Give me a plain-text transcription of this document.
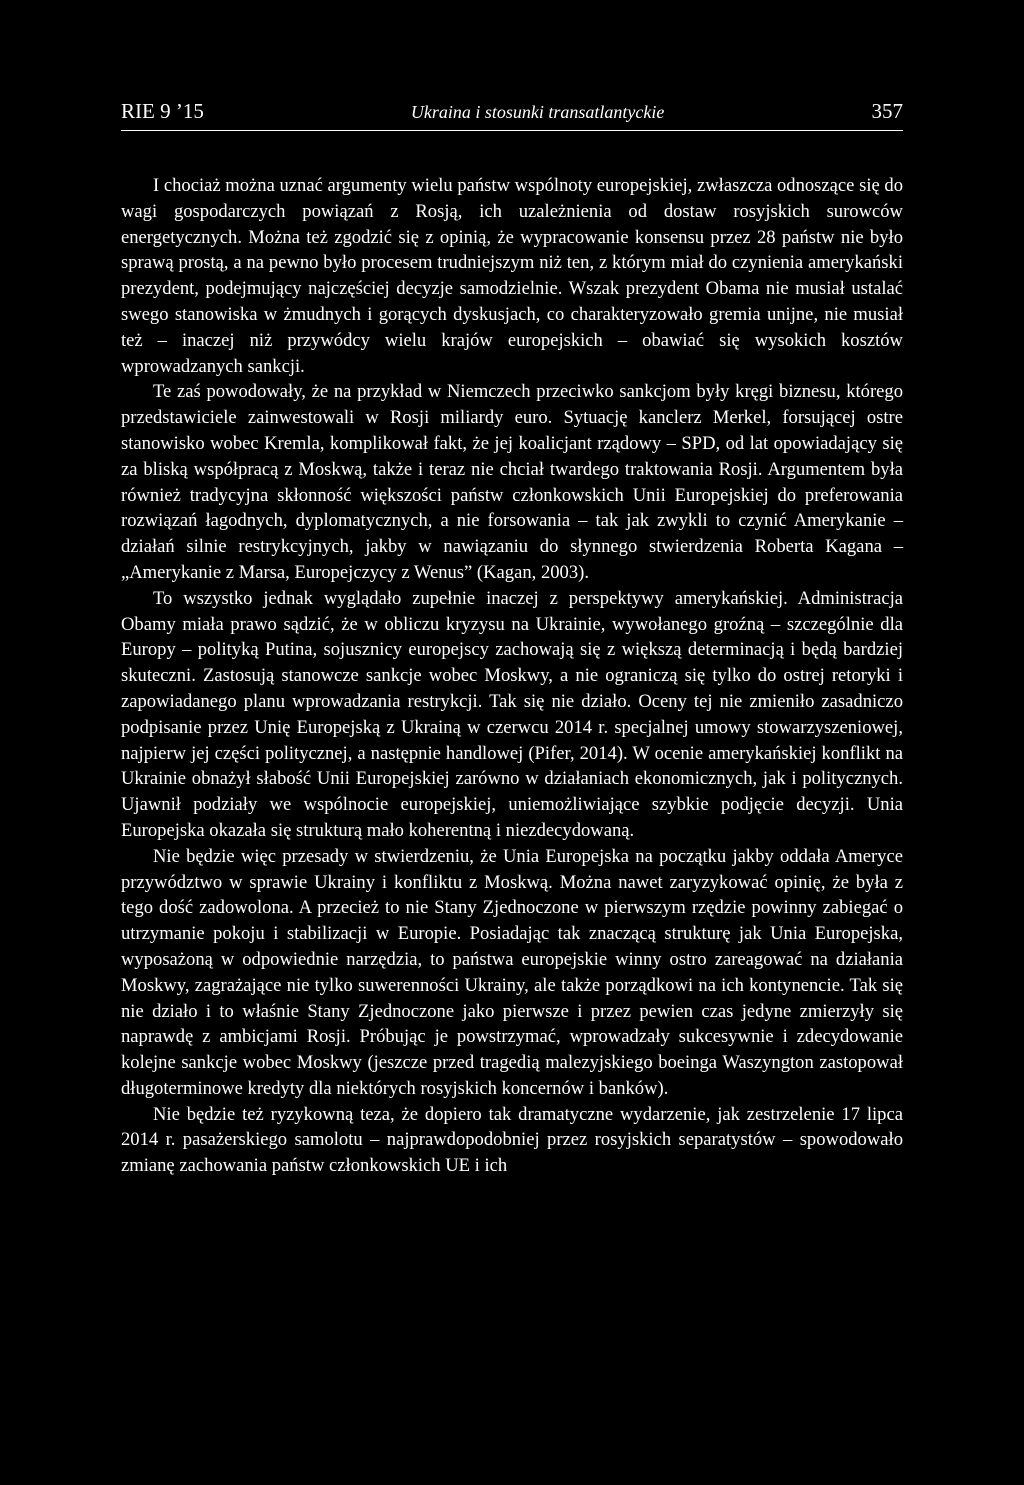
RIE 9 ’15	Ukraina i stosunki transatlantyckie	357

I chociaż można uznać argumenty wielu państw wspólnoty europejskiej, zwłaszcza odnoszące się do wagi gospodarczych powiązań z Rosją, ich uzależnienia od dostaw rosyjskich surowców energetycznych. Można też zgodzić się z opinią, że wypracowanie konsensu przez 28 państw nie było sprawą prostą, a na pewno było procesem trudniejszym niż ten, z którym miał do czynienia amerykański prezydent, podejmujący najczęściej decyzje samodzielnie. Wszak prezydent Obama nie musiał ustalać swego stanowiska w żmudnych i gorących dyskusjach, co charakteryzowało gremia unijne, nie musiał też – inaczej niż przywódcy wielu krajów europejskich – obawiać się wysokich kosztów wprowadzanych sankcji.

Te zaś powodowały, że na przykład w Niemczech przeciwko sankcjom były kręgi biznesu, którego przedstawiciele zainwestowali w Rosji miliardy euro. Sytuację kanclerz Merkel, forsującej ostre stanowisko wobec Kremla, komplikował fakt, że jej koalicjant rządowy – SPD, od lat opowiadający się za bliską współpracą z Moskwą, także i teraz nie chciał twardego traktowania Rosji. Argumentem była również tradycyjna skłonność większości państw członkowskich Unii Europejskiej do preferowania rozwiązań łagodnych, dyplomatycznych, a nie forsowania – tak jak zwykli to czynić Amerykanie – działań silnie restrykcyjnych, jakby w nawiązaniu do słynnego stwierdzenia Roberta Kagana – „Amerykanie z Marsa, Europejczycy z Wenus” (Kagan, 2003).

To wszystko jednak wyglądało zupełnie inaczej z perspektywy amerykańskiej. Administracja Obamy miała prawo sądzić, że w obliczu kryzysu na Ukrainie, wywołanego groźną – szczególnie dla Europy – polityką Putina, sojusznicy europejscy zachowają się z większą determinacją i będą bardziej skuteczni. Zastosują stanowcze sankcje wobec Moskwy, a nie ograniczą się tylko do ostrej retoryki i zapowiadanego planu wprowadzania restrykcji. Tak się nie działo. Oceny tej nie zmieniło zasadniczo podpisanie przez Unię Europejską z Ukrainą w czerwcu 2014 r. specjalnej umowy stowarzyszeniowej, najpierw jej części politycznej, a następnie handlowej (Pifer, 2014). W ocenie amerykańskiej konflikt na Ukrainie obnażył słabość Unii Europejskiej zarówno w działaniach ekonomicznych, jak i politycznych. Ujawnił podziały we wspólnocie europejskiej, uniemożliwiające szybkie podjęcie decyzji. Unia Europejska okazała się strukturą mało koherentną i niezdecydowaną.

Nie będzie więc przesady w stwierdzeniu, że Unia Europejska na początku jakby oddała Ameryce przywództwo w sprawie Ukrainy i konfliktu z Moskwą. Można nawet zaryzykować opinię, że była z tego dość zadowolona. A przecież to nie Stany Zjednoczone w pierwszym rzędzie powinny zabiegać o utrzymanie pokoju i stabilizacji w Europie. Posiadając tak znaczącą strukturę jak Unia Europejska, wyposażoną w odpowiednie narzędzia, to państwa europejskie winny ostro zareagować na działania Moskwy, zagrażające nie tylko suwerenności Ukrainy, ale także porządkowi na ich kontynencie. Tak się nie działo i to właśnie Stany Zjednoczone jako pierwsze i przez pewien czas jedyne zmierzyły się naprawdę z ambicjami Rosji. Próbując je powstrzymać, wprowadzały sukcesywnie i zdecydowanie kolejne sankcje wobec Moskwy (jeszcze przed tragedią malezyjskiego boeinga Waszyngton zastopował długoterminowe kredyty dla niektórych rosyjskich koncernów i banków).

Nie będzie też ryzykowną teza, że dopiero tak dramatyczne wydarzenie, jak zestrzelenie 17 lipca 2014 r. pasażerskiego samolotu – najprawdopodobniej przez rosyjskich separatystów – spowodowało zmianę zachowania państw członkowskich UE i ich
